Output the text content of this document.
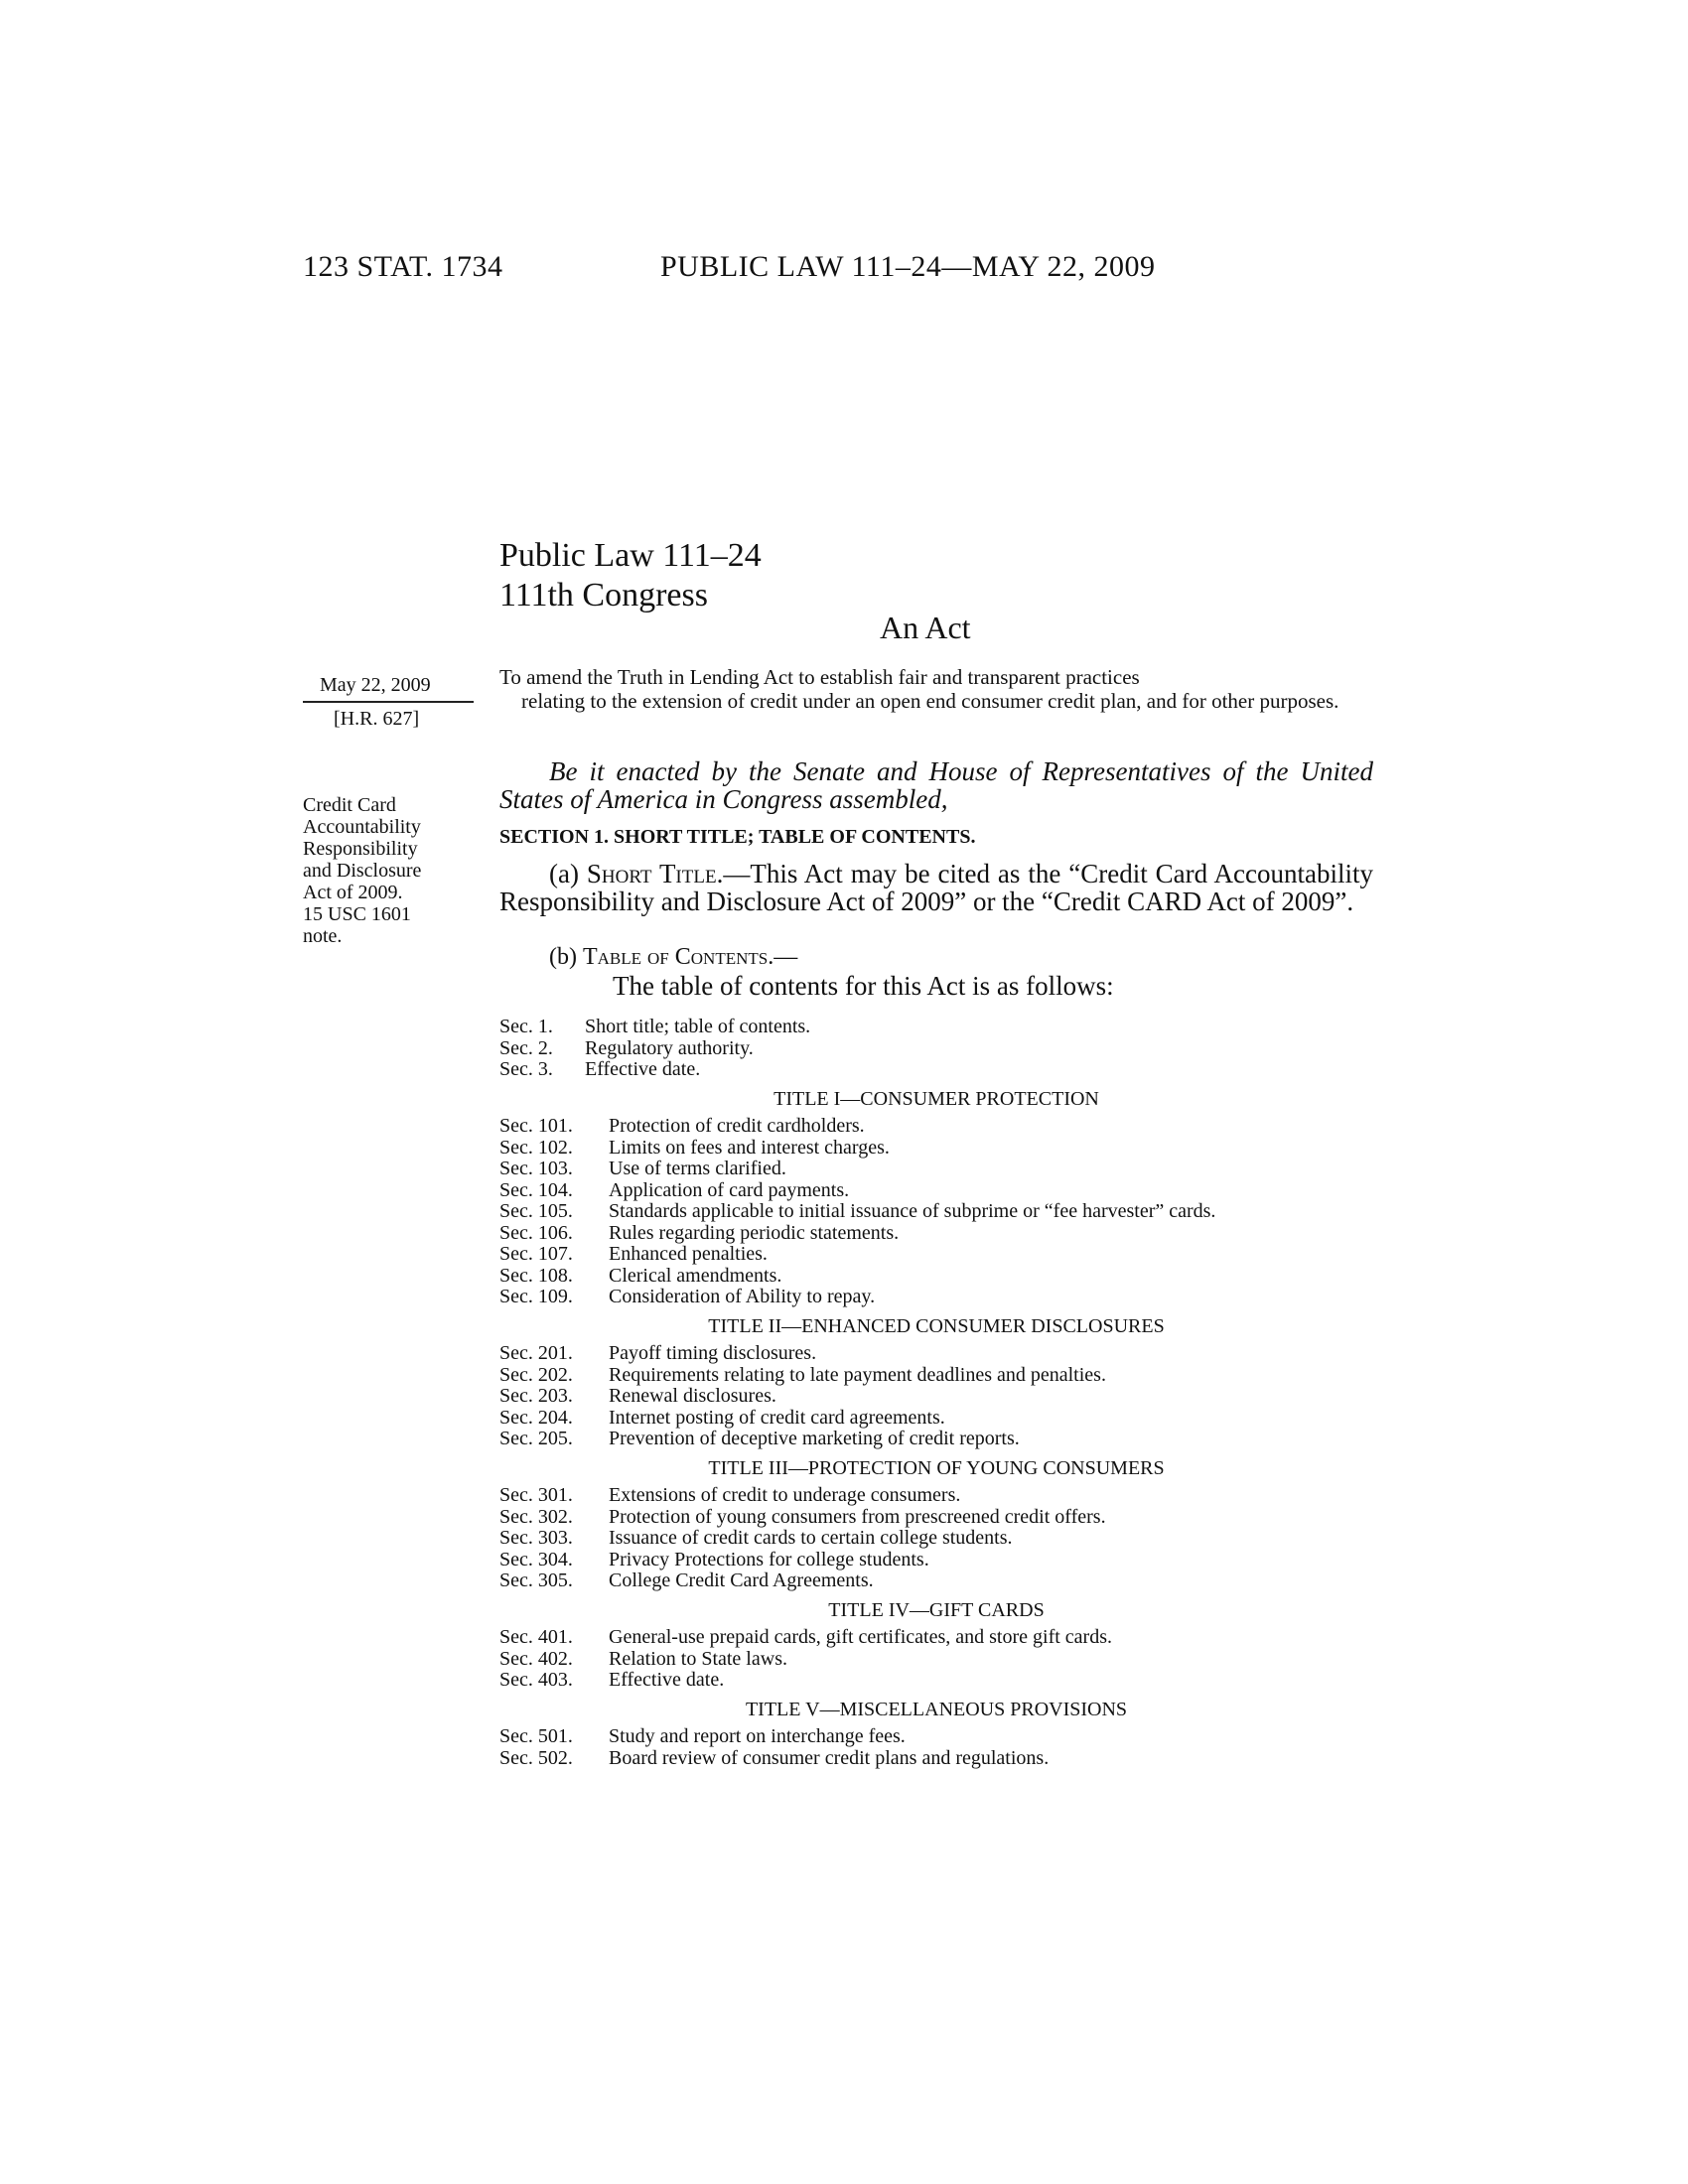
123 STAT. 1734	PUBLIC LAW 111–24—MAY 22, 2009
Public Law 111–24
111th Congress
An Act
May 22, 2009
[H.R. 627]
Credit Card
Accountability
Responsibility
and Disclosure
Act of 2009.
15 USC 1601
note.
To amend the Truth in Lending Act to establish fair and transparent practices
relating to the extension of credit under an open end consumer credit plan, and for other purposes.
Be it enacted by the Senate and House of Representatives of the United States of America in Congress assembled,
SECTION 1. SHORT TITLE; TABLE OF CONTENTS.
(a) Short Title.—This Act may be cited as the “Credit Card Accountability Responsibility and Disclosure Act of 2009” or the “Credit CARD Act of 2009”.
(b) Table of Contents.—
The table of contents for this Act is as follows:
Sec. 1.	Short title; table of contents.
Sec. 2.	Regulatory authority.
Sec. 3.	Effective date.
TITLE I—CONSUMER PROTECTION
Sec. 101.	Protection of credit cardholders.
Sec. 102.	Limits on fees and interest charges.
Sec. 103.	Use of terms clarified.
Sec. 104.	Application of card payments.
Sec. 105.	Standards applicable to initial issuance of subprime or “fee harvester” cards.
Sec. 106.	Rules regarding periodic statements.
Sec. 107.	Enhanced penalties.
Sec. 108.	Clerical amendments.
Sec. 109.	Consideration of Ability to repay.
TITLE II—ENHANCED CONSUMER DISCLOSURES
Sec. 201.	Payoff timing disclosures.
Sec. 202.	Requirements relating to late payment deadlines and penalties.
Sec. 203.	Renewal disclosures.
Sec. 204.	Internet posting of credit card agreements.
Sec. 205.	Prevention of deceptive marketing of credit reports.
TITLE III—PROTECTION OF YOUNG CONSUMERS
Sec. 301.	Extensions of credit to underage consumers.
Sec. 302.	Protection of young consumers from prescreened credit offers.
Sec. 303.	Issuance of credit cards to certain college students.
Sec. 304.	Privacy Protections for college students.
Sec. 305.	College Credit Card Agreements.
TITLE IV—GIFT CARDS
Sec. 401.	General-use prepaid cards, gift certificates, and store gift cards.
Sec. 402.	Relation to State laws.
Sec. 403.	Effective date.
TITLE V—MISCELLANEOUS PROVISIONS
Sec. 501.	Study and report on interchange fees.
Sec. 502.	Board review of consumer credit plans and regulations.
